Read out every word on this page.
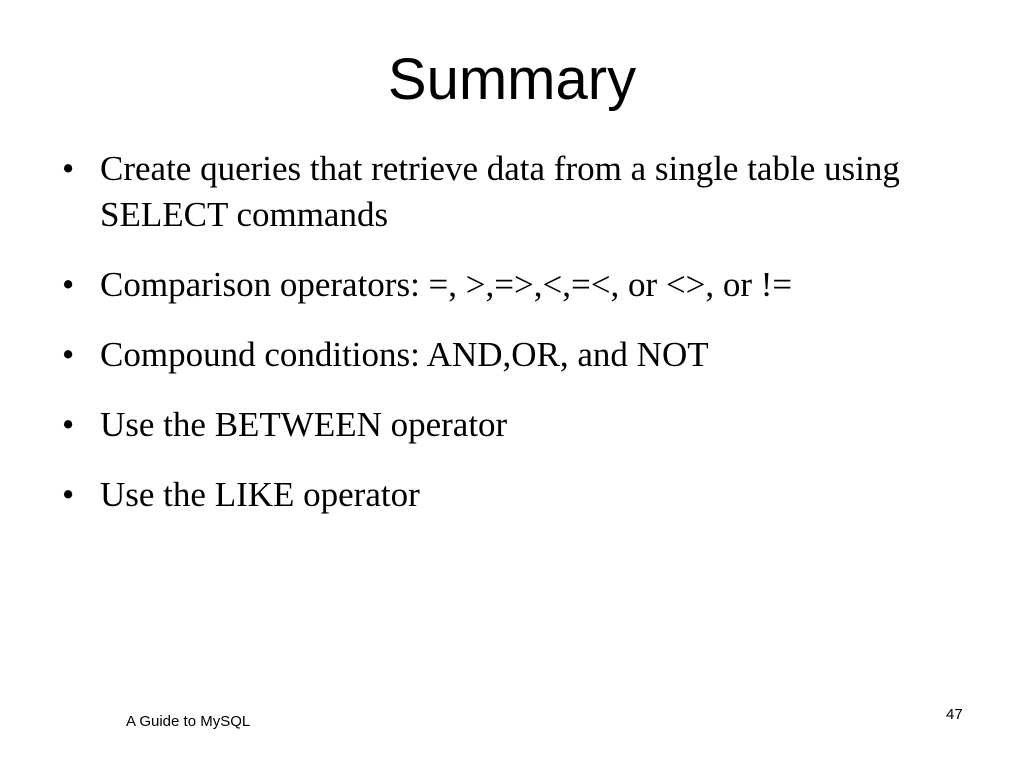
Summary
• Create queries that retrieve data from a single table using SELECT commands
• Comparison operators: =, >,=>,<,=<, or <>, or !=
• Compound conditions: AND,OR, and NOT
• Use the BETWEEN operator
• Use the LIKE operator
A Guide to MySQL	47
